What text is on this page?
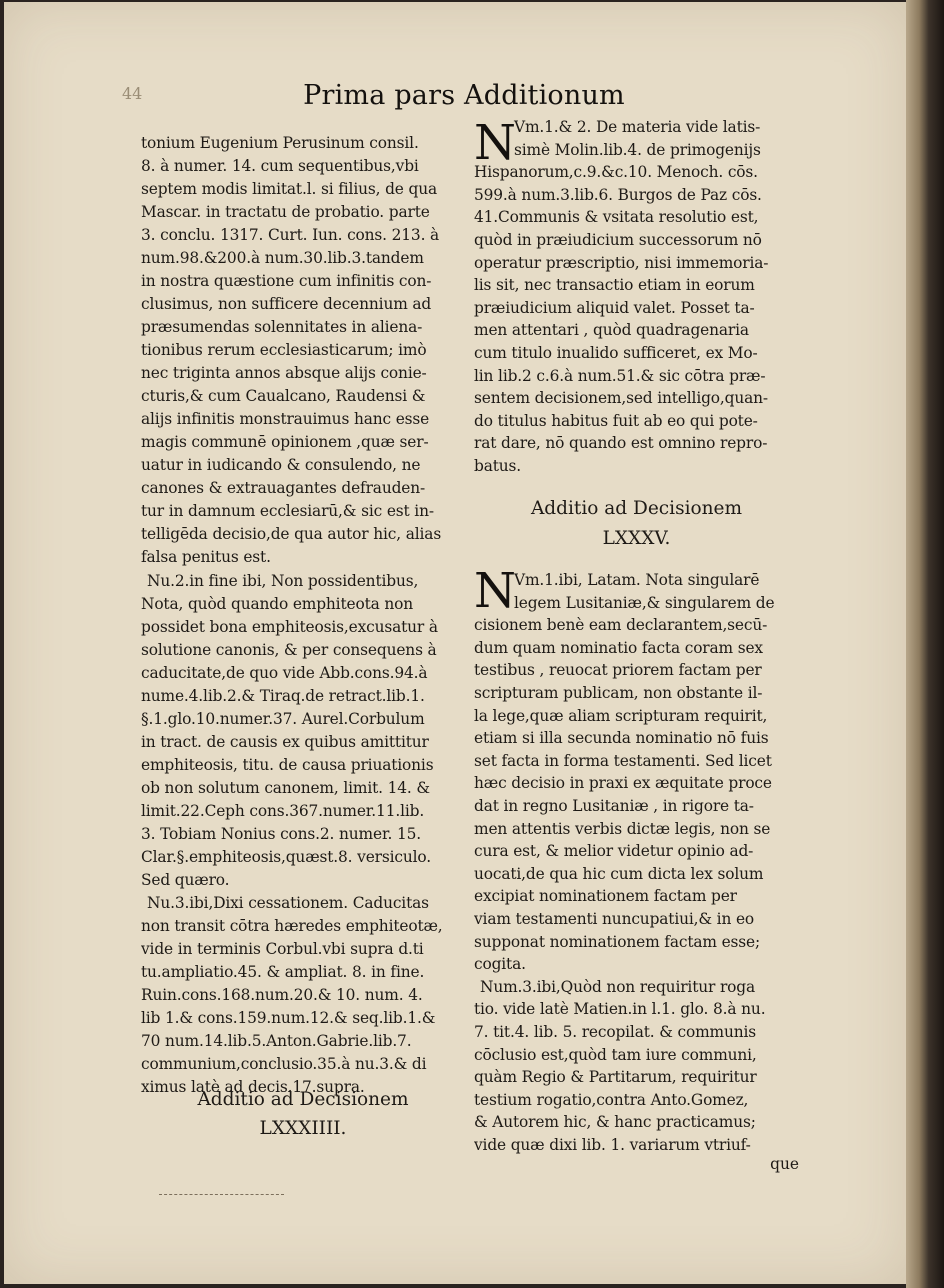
44	Prima pars Additionum
tonium Eugenium Perusinum consil.
8. à numer. 14. cum sequentibus,vbi
septem modis limitat.l. si filius, de qua
Mascar. in tractatu de probatio. parte
3. conclu. 1317. Curt. Iun. cons. 213. à
num.98.&200.à num.30.lib.3.tandem
in nostra quæstione cum infinitis con-
clusimus, non sufficere decennium ad
præsumendas solennitates in aliena-
tionibus rerum ecclesiasticarum; imò
nec triginta annos absque alijs conie-
cturis,& cum Caualcano, Raudensi &
alijs infinitis monstrauimus hanc esse
magis communē opinionem ,quæ ser-
uatur in iudicando & consulendo, ne
canones & extrauagantes defrauden-
tur in damnum ecclesiarū,& sic est in-
telligēda decisio,de qua autor hic, alias
falsa penitus est.
Nu.2.in fine ibi, Non possidentibus,
Nota, quòd quando emphiteota non
possidet bona emphiteosis,excusatur à
solutione canonis, & per consequens à
caducitate,de quo vide Abb.cons.94.à
nume.4.lib.2.& Tiraq.de retract.lib.1.
§.1.glo.10.numer.37. Aurel.Corbulum
in tract. de causis ex quibus amittitur
emphiteosis, titu. de causa priuationis
ob non solutum canonem, limit. 14. &
limit.22.Ceph cons.367.numer.11.lib.
3. Tobiam Nonius cons.2. numer. 15.
Clar.§.emphiteosis,quæst.8. versiculo.
Sed quæro.
Nu.3.ibi,Dixi cessationem. Caducitas
non transit cōtra hæredes emphiteotæ,
vide in terminis Corbul.vbi supra d.ti
tu.ampliatio.45. & ampliat. 8. in fine.
Ruin.cons.168.num.20.& 10. num. 4.
lib 1.& cons.159.num.12.& seq.lib.1.&
70 num.14.lib.5.Anton.Gabrie.lib.7.
communium,conclusio.35.à nu.3.& di
ximus latè ad decis.17.supra.
Additio ad Decisionem
LXXXIIII.
N
Vm.1.& 2. De materia vide latis-
simè Molin.lib.4. de primogenijs
Hispanorum,c.9.&c.10. Menoch. cōs.
599.à num.3.lib.6. Burgos de Paz cōs.
41.Communis & vsitata resolutio est,
quòd in præiudicium successorum nō
operatur præscriptio, nisi immemoria-
lis sit, nec transactio etiam in eorum
præiudicium aliquid valet. Posset ta-
men attentari , quòd quadragenaria
cum titulo inualido sufficeret, ex Mo-
lin lib.2 c.6.à num.51.& sic cōtra præ-
sentem decisionem,sed intelligo,quan-
do titulus habitus fuit ab eo qui pote-
rat dare, nō quando est omnino repro-
batus.
Additio ad Decisionem
LXXXV.
N
Vm.1.ibi, Latam. Nota singularē
legem Lusitaniæ,& singularem de
cisionem benè eam declarantem,secū-
dum quam nominatio facta coram sex
testibus , reuocat priorem factam per
scripturam publicam, non obstante il-
la lege,quæ aliam scripturam requirit,
etiam si illa secunda nominatio nō fuis
set facta in forma testamenti. Sed licet
hæc decisio in praxi ex æquitate proce
dat in regno Lusitaniæ , in rigore ta-
men attentis verbis dictæ legis, non se
cura est, & melior videtur opinio ad-
uocati,de qua hic cum dicta lex solum
excipiat nominationem factam per
viam testamenti nuncupatiui,& in eo
supponat nominationem factam esse;
cogita.
Num.3.ibi,Quòd non requiritur roga
tio. vide latè Matien.in l.1. glo. 8.à nu.
7. tit.4. lib. 5. recopilat. & communis
cōclusio est,quòd tam iure communi,
quàm Regio & Partitarum, requiritur
testium rogatio,contra Anto.Gomez,
& Autorem hic, & hanc practicamus;
vide quæ dixi lib. 1. variarum vtriuf-
que
